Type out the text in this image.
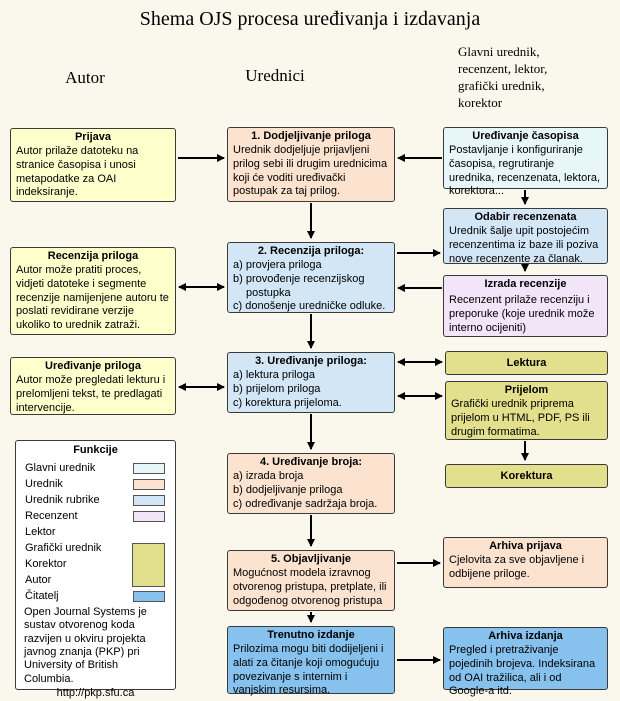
Shema OJS procesa uređivanja i izdavanja
Autor	Urednici
Glavni urednik, recenzent, lektor, grafički urednik, korektor
Prijava
Autor prilaže datoteku na stranice časopisa i unosi metapodatke za OAI indeksiranje.
Recenzija priloga
Autor može pratiti proces, vidjeti datoteke i segmente recenzije namijenjene autoru te poslati revidirane verzije ukoliko to urednik zatraži.
Uređivanje priloga
Autor može pregledati lekturu i prelomljeni tekst, te predlagati intervencije.
1. Dodjeljivanje priloga
Urednik dodjeljuje prijavljeni prilog sebi ili drugim urednicima koji će voditi uređivački postupak za taj prilog.
2. Recenzija priloga:
a) provjera priloga
b) provođenje recenzijskog postupka
c) donošenje uredničke odluke.
3. Uređivanje priloga:
a) lektura priloga
b) prijelom priloga
c) korektura prijeloma.
4. Uređivanje broja:
a) izrada broja
b) dodjeljivanje priloga
c) određivanje sadržaja broja.
5. Objavljivanje
Mogućnost modela izravnog otvorenog pristupa, pretplate, ili odgođenog otvorenog pristupa
Trenutno izdanje
Prilozima mogu biti dodijeljeni i alati za čitanje koji omogućuju povezivanje s internim i vanjskim resursima.
Uređivanje časopisa
Postavljanje i konfiguriranje časopisa, regrutiranje urednika, recenzenata, lektora, korektora...
Odabir recenzenata
Urednik šalje upit postojećim recenzentima iz baze ili poziva nove recenzente za članak.
Izrada recenzije
Recenzent prilaže recenziju i preporuke (koje urednik može interno ocijeniti)
Lektura
Prijelom
Grafički urednik priprema prijelom u HTML, PDF, PS ili drugim formatima.
Korektura
Arhiva prijava
Cjelovita za sve objavljene i odbijene priloge.
Arhiva izdanja
Pregled i pretraživanje pojedinih brojeva. Indeksirana od OAI tražilica, ali i od Google-a itd.
Funkcije
Glavni urednik
Urednik
Urednik rubrike
Recenzent
Lektor
Grafički urednik
Korektor
Autor
Čitatelj
Open Journal Systems je sustav otvorenog koda razvijen u okviru projekta javnog znanja (PKP) pri University of British Columbia.
http://pkp.sfu.ca
